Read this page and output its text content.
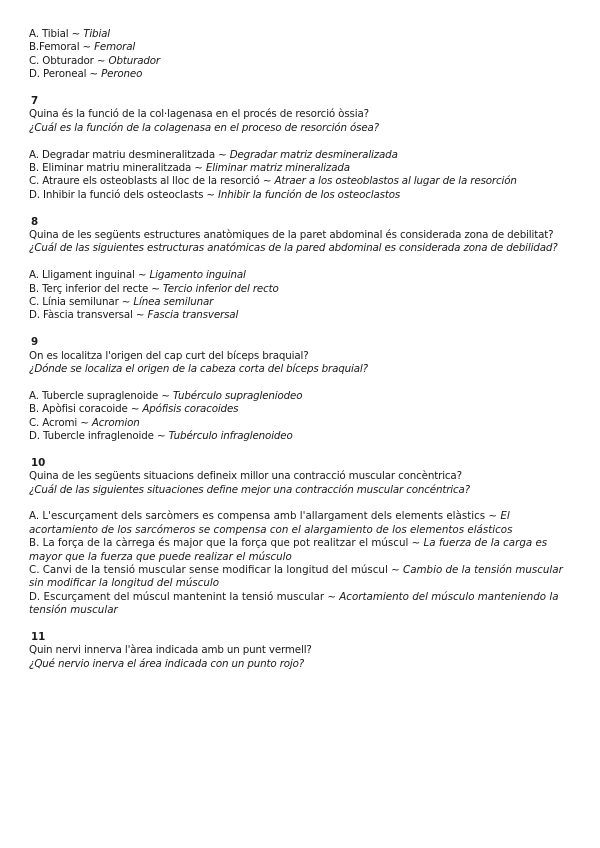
A. Tibial ~ Tibial
B.Femoral ~ Femoral
C. Obturador ~ Obturador
D. Peroneal ~ Peroneo
7
Quina és la funció de la col·lagenasa en el procés de resorció òssia?
¿Cuál es la función de la colagenasa en el proceso de resorción ósea?
A. Degradar matriu desmineralitzada ~ Degradar matriz desmineralizada
B. Eliminar matriu mineralitzada ~ Eliminar matriz mineralizada
C. Atraure els osteoblasts al lloc de la resorció ~ Atraer a los osteoblastos al lugar de la resorción
D. Inhibir la funció dels osteoclasts ~ Inhibir la función de los osteoclastos
8
Quina de les següents estructures anatòmiques de la paret abdominal és considerada zona de debilitat?
¿Cuál de las siguientes estructuras anatómicas de la pared abdominal es considerada zona de debilidad?
A. Lligament inguinal ~ Ligamento inguinal
B. Terç inferior del recte ~ Tercio inferior del recto
C. Línia semilunar ~ Línea semilunar
D. Fàscia transversal ~ Fascia transversal
9
On es localitza l'origen del cap curt del bíceps braquial?
¿Dónde se localiza el origen de la cabeza corta del bíceps braquial?
A. Tubercle supraglenoide ~ Tubérculo supragleniodeo
B. Apòfisi coracoide ~ Apófisis coracoides
C. Acromi ~ Acromion
D. Tubercle infraglenoide ~ Tubérculo infraglenoideo
10
Quina de les següents situacions defineix millor una contracció muscular concèntrica?
¿Cuál de las siguientes situaciones define mejor una contracción muscular concéntrica?
A. L'escurçament dels sarcòmers es compensa amb l'allargament dels elements elàstics ~ El acortamiento de los sarcómeros se compensa con el alargamiento de los elementos elásticos
B. La força de la càrrega és major que la força que pot realitzar el múscul ~ La fuerza de la carga es mayor que la fuerza que puede realizar el músculo
C. Canvi de la tensió muscular sense modificar la longitud del múscul ~ Cambio de la tensión muscular sin modificar la longitud del músculo
D. Escurçament del múscul mantenint la tensió muscular ~ Acortamiento del músculo manteniendo la tensión muscular
11
Quin nervi innerva l'àrea indicada amb un punt vermell?
¿Qué nervio inerva el área indicada con un punto rojo?
